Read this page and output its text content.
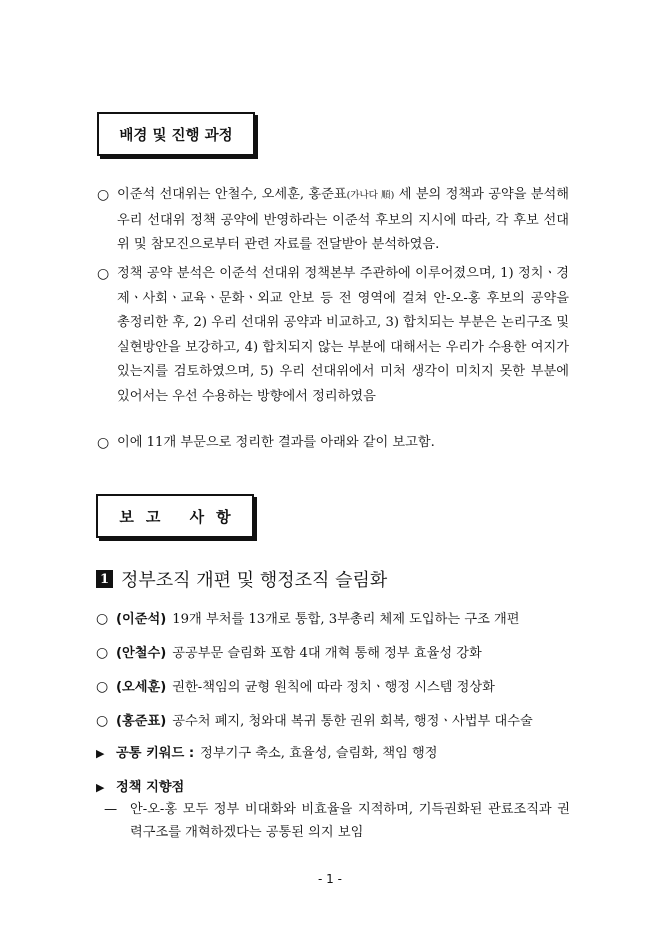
배경 및 진행 과정
○ 이준석 선대위는 안철수, 오세훈, 홍준표(가나다 順) 세 분의 정책과 공약을 분석해 우리 선대위 정책 공약에 반영하라는 이준석 후보의 지시에 따라, 각 후보 선대위 및 참모진으로부터 관련 자료를 전달받아 분석하였음.
○ 정책 공약 분석은 이준석 선대위 정책본부 주관하에 이루어졌으며, 1) 정치ㆍ경제ㆍ사회ㆍ교육ㆍ문화ㆍ외교 안보 등 전 영역에 걸쳐 안-오-홍 후보의 공약을 총정리한 후, 2) 우리 선대위 공약과 비교하고, 3) 합치되는 부분은 논리구조 및 실현방안을 보강하고, 4) 합치되지 않는 부분에 대해서는 우리가 수용한 여지가 있는지를 검토하였으며, 5) 우리 선대위에서 미처 생각이 미치지 못한 부분에 있어서는 우선 수용하는 방향에서 정리하였음
○ 이에 11개 부문으로 정리한 결과를 아래와 같이 보고함.
보고 사항
1 정부조직 개편 및 행정조직 슬림화
○ (이준석) 19개 부처를 13개로 통합, 3부총리 체제 도입하는 구조 개편
○ (안철수) 공공부문 슬림화 포함 4대 개혁 통해 정부 효율성 강화
○ (오세훈) 권한-책임의 균형 원칙에 따라 정치ㆍ행정 시스템 정상화
○ (홍준표) 공수처 폐지, 청와대 복귀 통한 권위 회복, 행정ㆍ사법부 대수술
▶ 공통 키워드 : 정부기구 축소, 효율성, 슬림화, 책임 행정
▶ 정책 지향점
— 안-오-홍 모두 정부 비대화와 비효율을 지적하며, 기득권화된 관료조직과 권력구조를 개혁하겠다는 공통된 의지 보임
- 1 -
